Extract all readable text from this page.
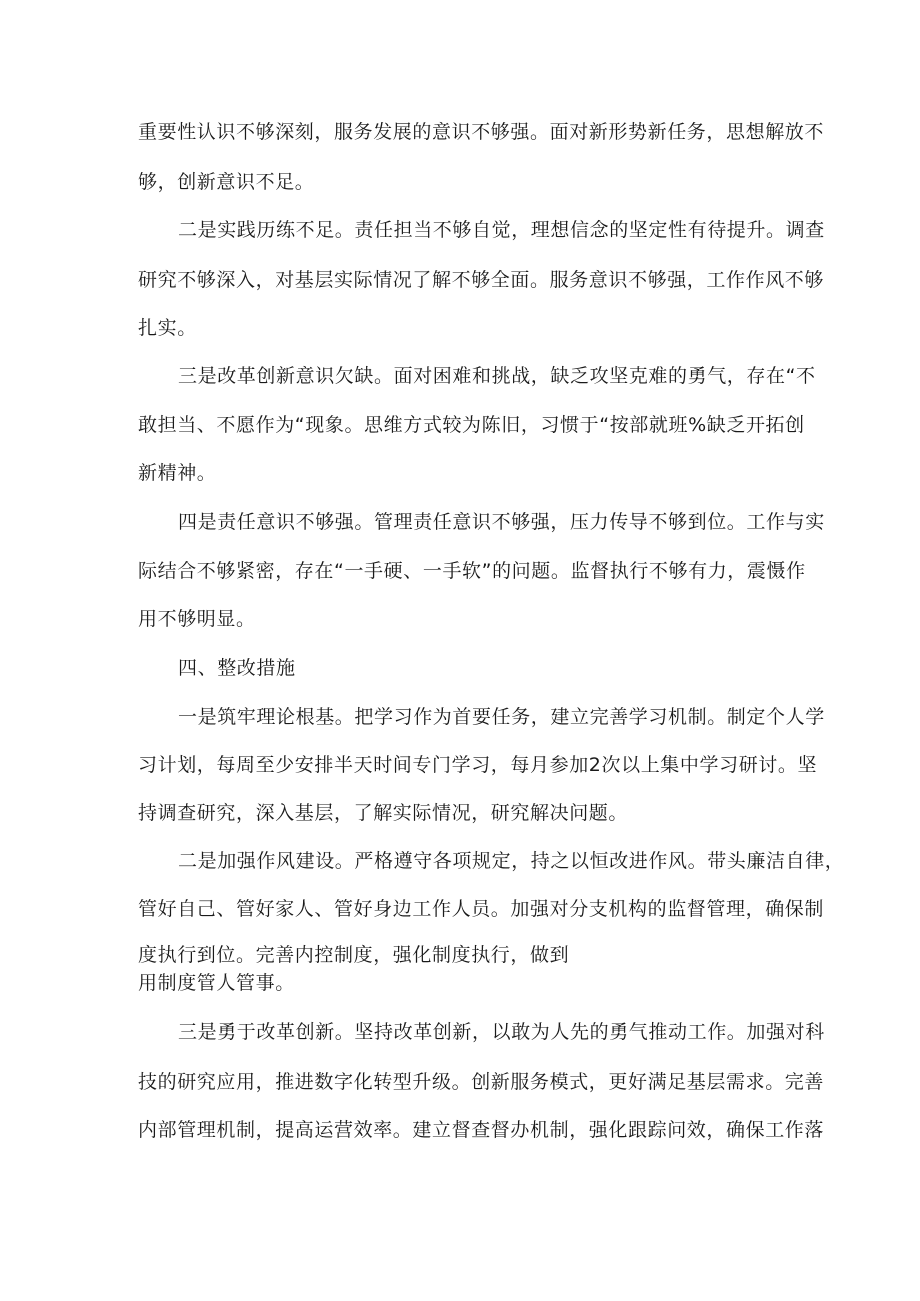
重要性认识不够深刻，服务发展的意识不够强。面对新形势新任务，思想解放不
够，创新意识不足。
二是实践历练不足。责任担当不够自觉，理想信念的坚定性有待提升。调查
研究不够深入，对基层实际情况了解不够全面。服务意识不够强，工作作风不够
扎实。
三是改革创新意识欠缺。面对困难和挑战，缺乏攻坚克难的勇气，存在“不
敢担当、不愿作为“现象。思维方式较为陈旧，习惯于“按部就班%缺乏开拓创
新精神。
四是责任意识不够强。管理责任意识不够强，压力传导不够到位。工作与实
际结合不够紧密，存在“一手硬、一手软”的问题。监督执行不够有力，震慑作
用不够明显。
四、整改措施
一是筑牢理论根基。把学习作为首要任务，建立完善学习机制。制定个人学
习计划，每周至少安排半天时间专门学习，每月参加2次以上集中学习研讨。坚
持调查研究，深入基层，了解实际情况，研究解决问题。
二是加强作风建设。严格遵守各项规定，持之以恒改进作风。带头廉洁自律，
管好自己、管好家人、管好身边工作人员。加强对分支机构的监督管理，确保制
度执行到位。完善内控制度，强化制度执行，做到
用制度管人管事。
三是勇于改革创新。坚持改革创新，以敢为人先的勇气推动工作。加强对科
技的研究应用，推进数字化转型升级。创新服务模式，更好满足基层需求。完善
内部管理机制，提高运营效率。建立督查督办机制，强化跟踪问效，确保工作落
